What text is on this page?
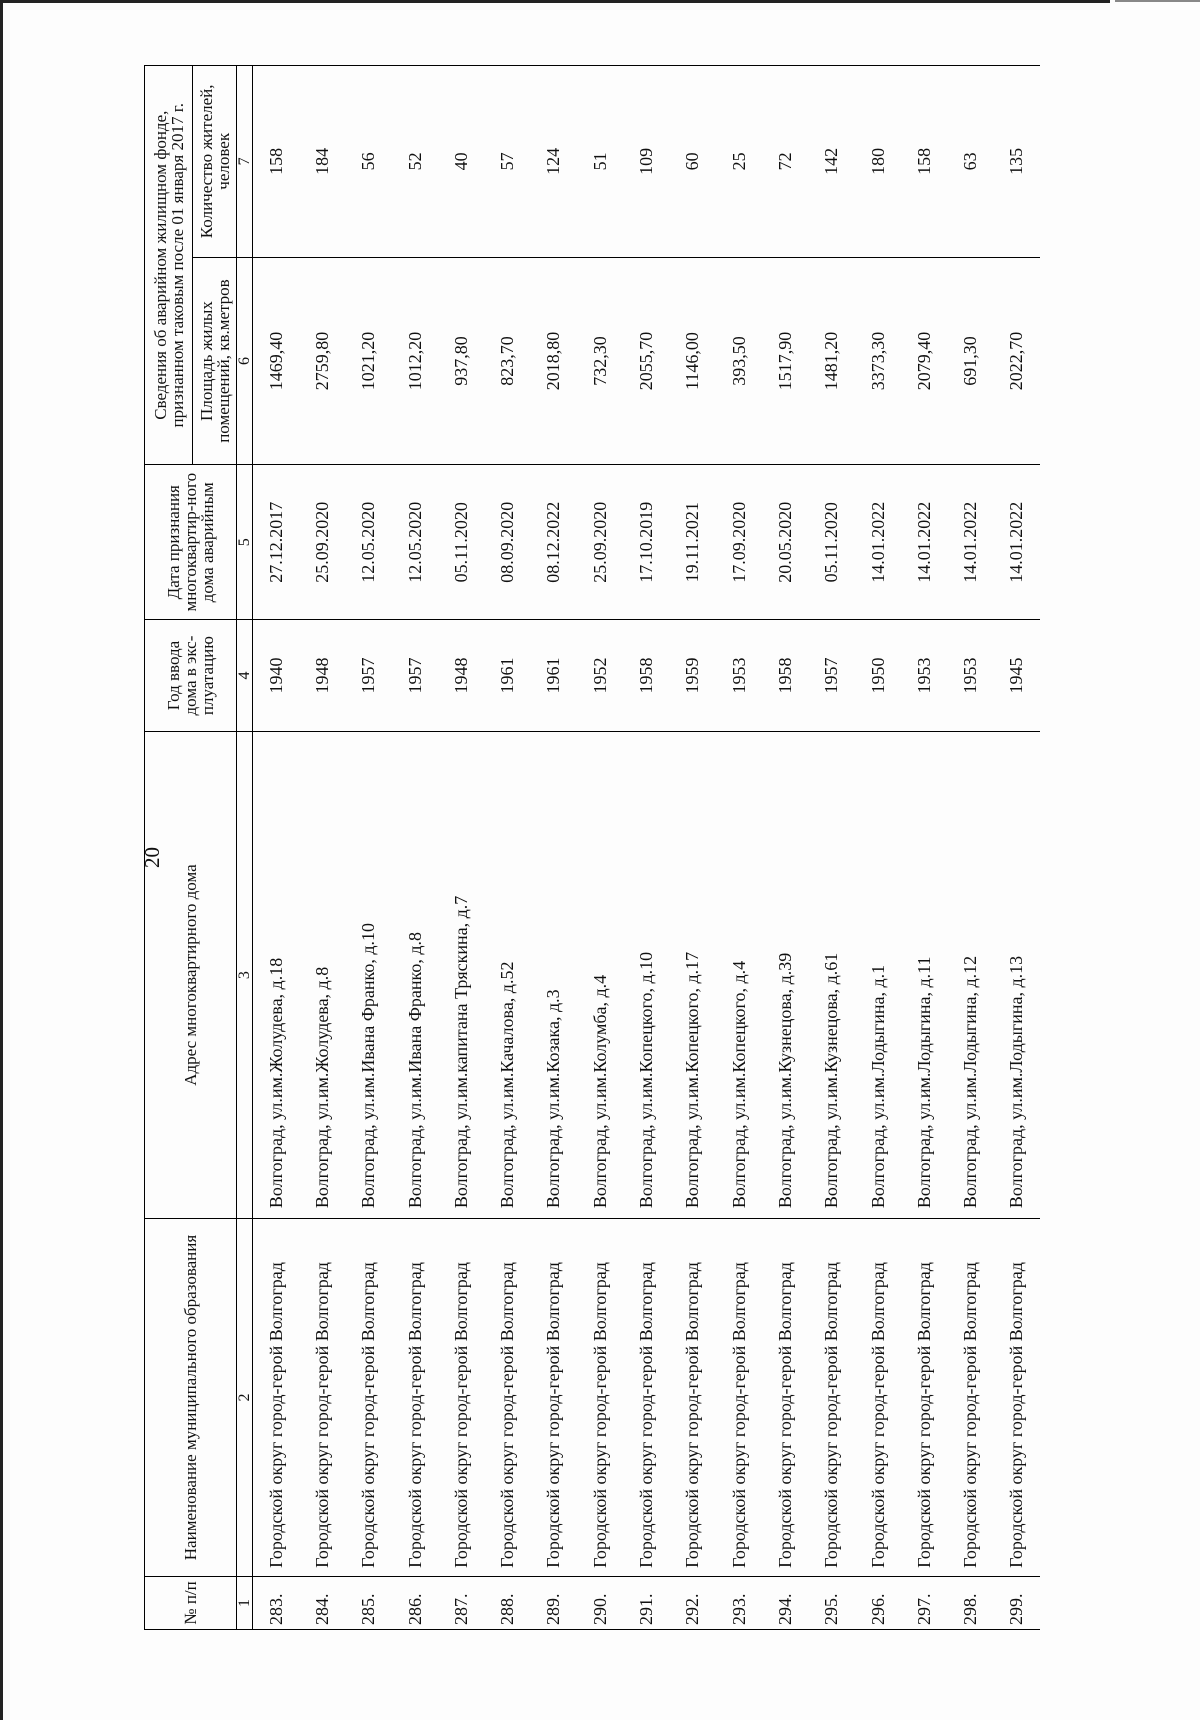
20
№ п/п	Наименование муниципального образования	Адрес многоквартирного дома	Год ввода дома в экс-плуатацию	Дата признания многоквартир-ного дома аварийным	Сведения об аварийном жилищном фонде, признанном таковым после 01 января 2017 г.	
					Площадь жилых помещений, кв.метров	Количество жителей, человек
1	2	3	4	5	6	7
283.	Городской округ город-герой Волгоград	Волгоград, ул.им.Жолудева, д.18	1940	27.12.2017	1469,40	158
284.	Городской округ город-герой Волгоград	Волгоград, ул.им.Жолудева, д.8	1948	25.09.2020	2759,80	184
285.	Городской округ город-герой Волгоград	Волгоград, ул.им.Ивана Франко, д.10	1957	12.05.2020	1021,20	56
286.	Городской округ город-герой Волгоград	Волгоград, ул.им.Ивана Франко, д.8	1957	12.05.2020	1012,20	52
287.	Городской округ город-герой Волгоград	Волгоград, ул.им.капитана Тряскина, д.7	1948	05.11.2020	937,80	40
288.	Городской округ город-герой Волгоград	Волгоград, ул.им.Качалова, д.52	1961	08.09.2020	823,70	57
289.	Городской округ город-герой Волгоград	Волгоград, ул.им.Козака, д.3	1961	08.12.2022	2018,80	124
290.	Городской округ город-герой Волгоград	Волгоград, ул.им.Колумба, д.4	1952	25.09.2020	732,30	51
291.	Городской округ город-герой Волгоград	Волгоград, ул.им.Копецкого, д.10	1958	17.10.2019	2055,70	109
292.	Городской округ город-герой Волгоград	Волгоград, ул.им.Копецкого, д.17	1959	19.11.2021	1146,00	60
293.	Городской округ город-герой Волгоград	Волгоград, ул.им.Копецкого, д.4	1953	17.09.2020	393,50	25
294.	Городской округ город-герой Волгоград	Волгоград, ул.им.Кузнецова, д.39	1958	20.05.2020	1517,90	72
295.	Городской округ город-герой Волгоград	Волгоград, ул.им.Кузнецова, д.61	1957	05.11.2020	1481,20	142
296.	Городской округ город-герой Волгоград	Волгоград, ул.им.Лодыгина, д.1	1950	14.01.2022	3373,30	180
297.	Городской округ город-герой Волгоград	Волгоград, ул.им.Лодыгина, д.11	1953	14.01.2022	2079,40	158
298.	Городской округ город-герой Волгоград	Волгоград, ул.им.Лодыгина, д.12	1953	14.01.2022	691,30	63
299.	Городской округ город-герой Волгоград	Волгоград, ул.им.Лодыгина, д.13	1945	14.01.2022	2022,70	135
